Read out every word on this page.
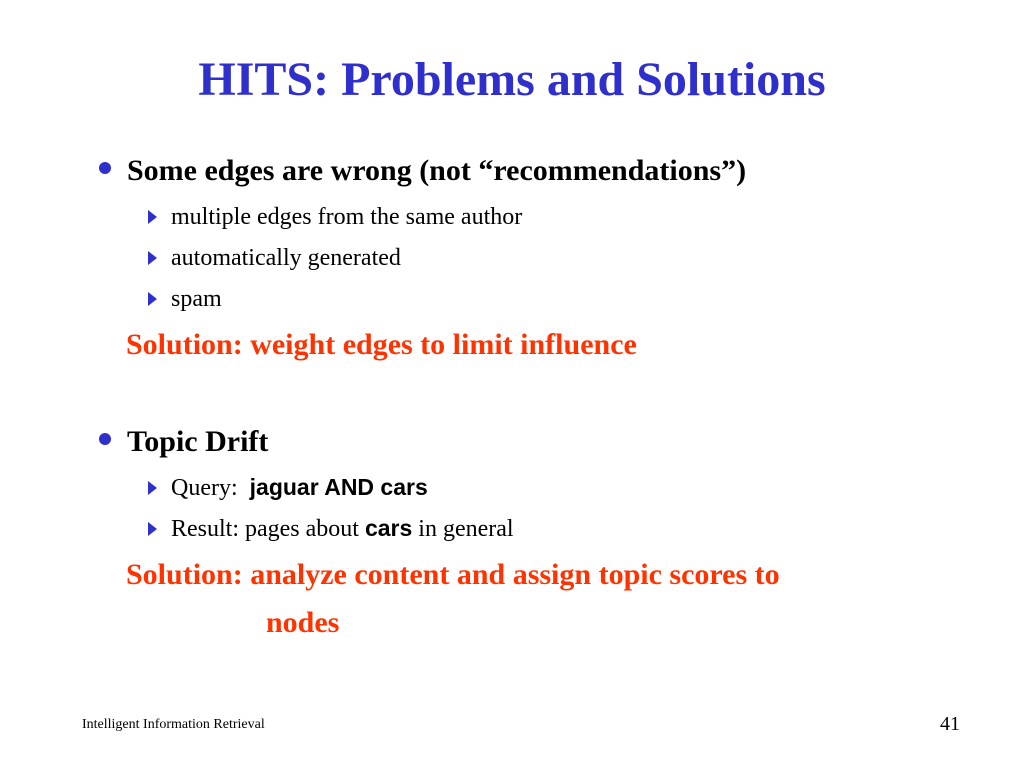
HITS: Problems and Solutions
Some edges are wrong (not “recommendations”)
multiple edges from the same author
automatically generated
spam
Solution: weight edges to limit influence
Topic Drift
Query: jaguar AND cars
Result: pages about cars in general
Solution: analyze content and assign topic scores to
nodes
Intelligent Information Retrieval	41
